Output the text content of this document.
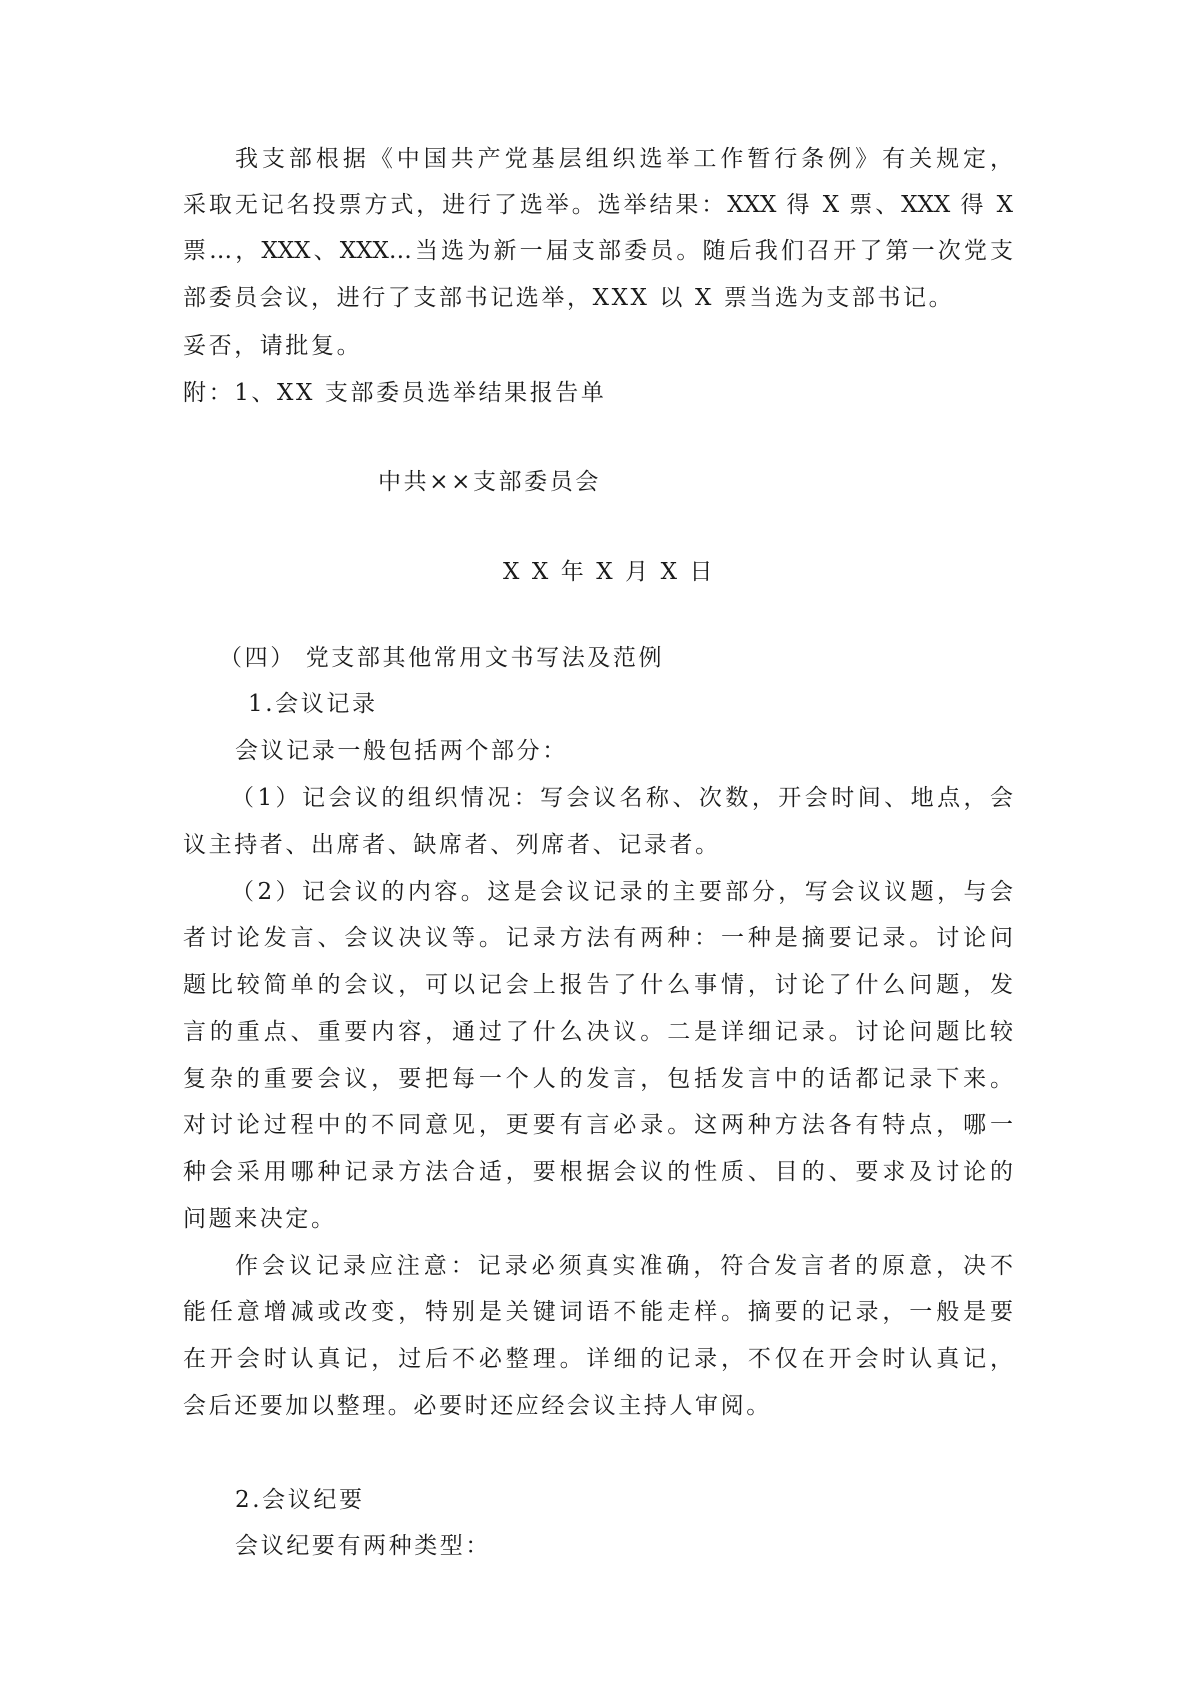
我支部根据《中国共产党基层组织选举工作暂行条例》有关规定，
采取无记名投票方式，进行了选举。选举结果：XXX 得 X 票、XXX 得 X
票…，XXX、XXX…当选为新一届支部委员。随后我们召开了第一次党支
部委员会议，进行了支部书记选举，XXX 以 X 票当选为支部书记。
妥否，请批复。
附：1、XX 支部委员选举结果报告单
中共××支部委员会
X X 年 X 月 X 日
（四） 党支部其他常用文书写法及范例
1.会议记录
会议记录一般包括两个部分：
（1）记会议的组织情况：写会议名称、次数，开会时间、地点，会
议主持者、出席者、缺席者、列席者、记录者。
（2）记会议的内容。这是会议记录的主要部分，写会议议题，与会
者讨论发言、会议决议等。记录方法有两种：一种是摘要记录。讨论问
题比较简单的会议，可以记会上报告了什么事情，讨论了什么问题，发
言的重点、重要内容，通过了什么决议。二是详细记录。讨论问题比较
复杂的重要会议，要把每一个人的发言，包括发言中的话都记录下来。
对讨论过程中的不同意见，更要有言必录。这两种方法各有特点，哪一
种会采用哪种记录方法合适，要根据会议的性质、目的、要求及讨论的
问题来决定。
作会议记录应注意：记录必须真实准确，符合发言者的原意，决不
能任意增减或改变，特别是关键词语不能走样。摘要的记录，一般是要
在开会时认真记，过后不必整理。详细的记录，不仅在开会时认真记，
会后还要加以整理。必要时还应经会议主持人审阅。
2.会议纪要
会议纪要有两种类型：
